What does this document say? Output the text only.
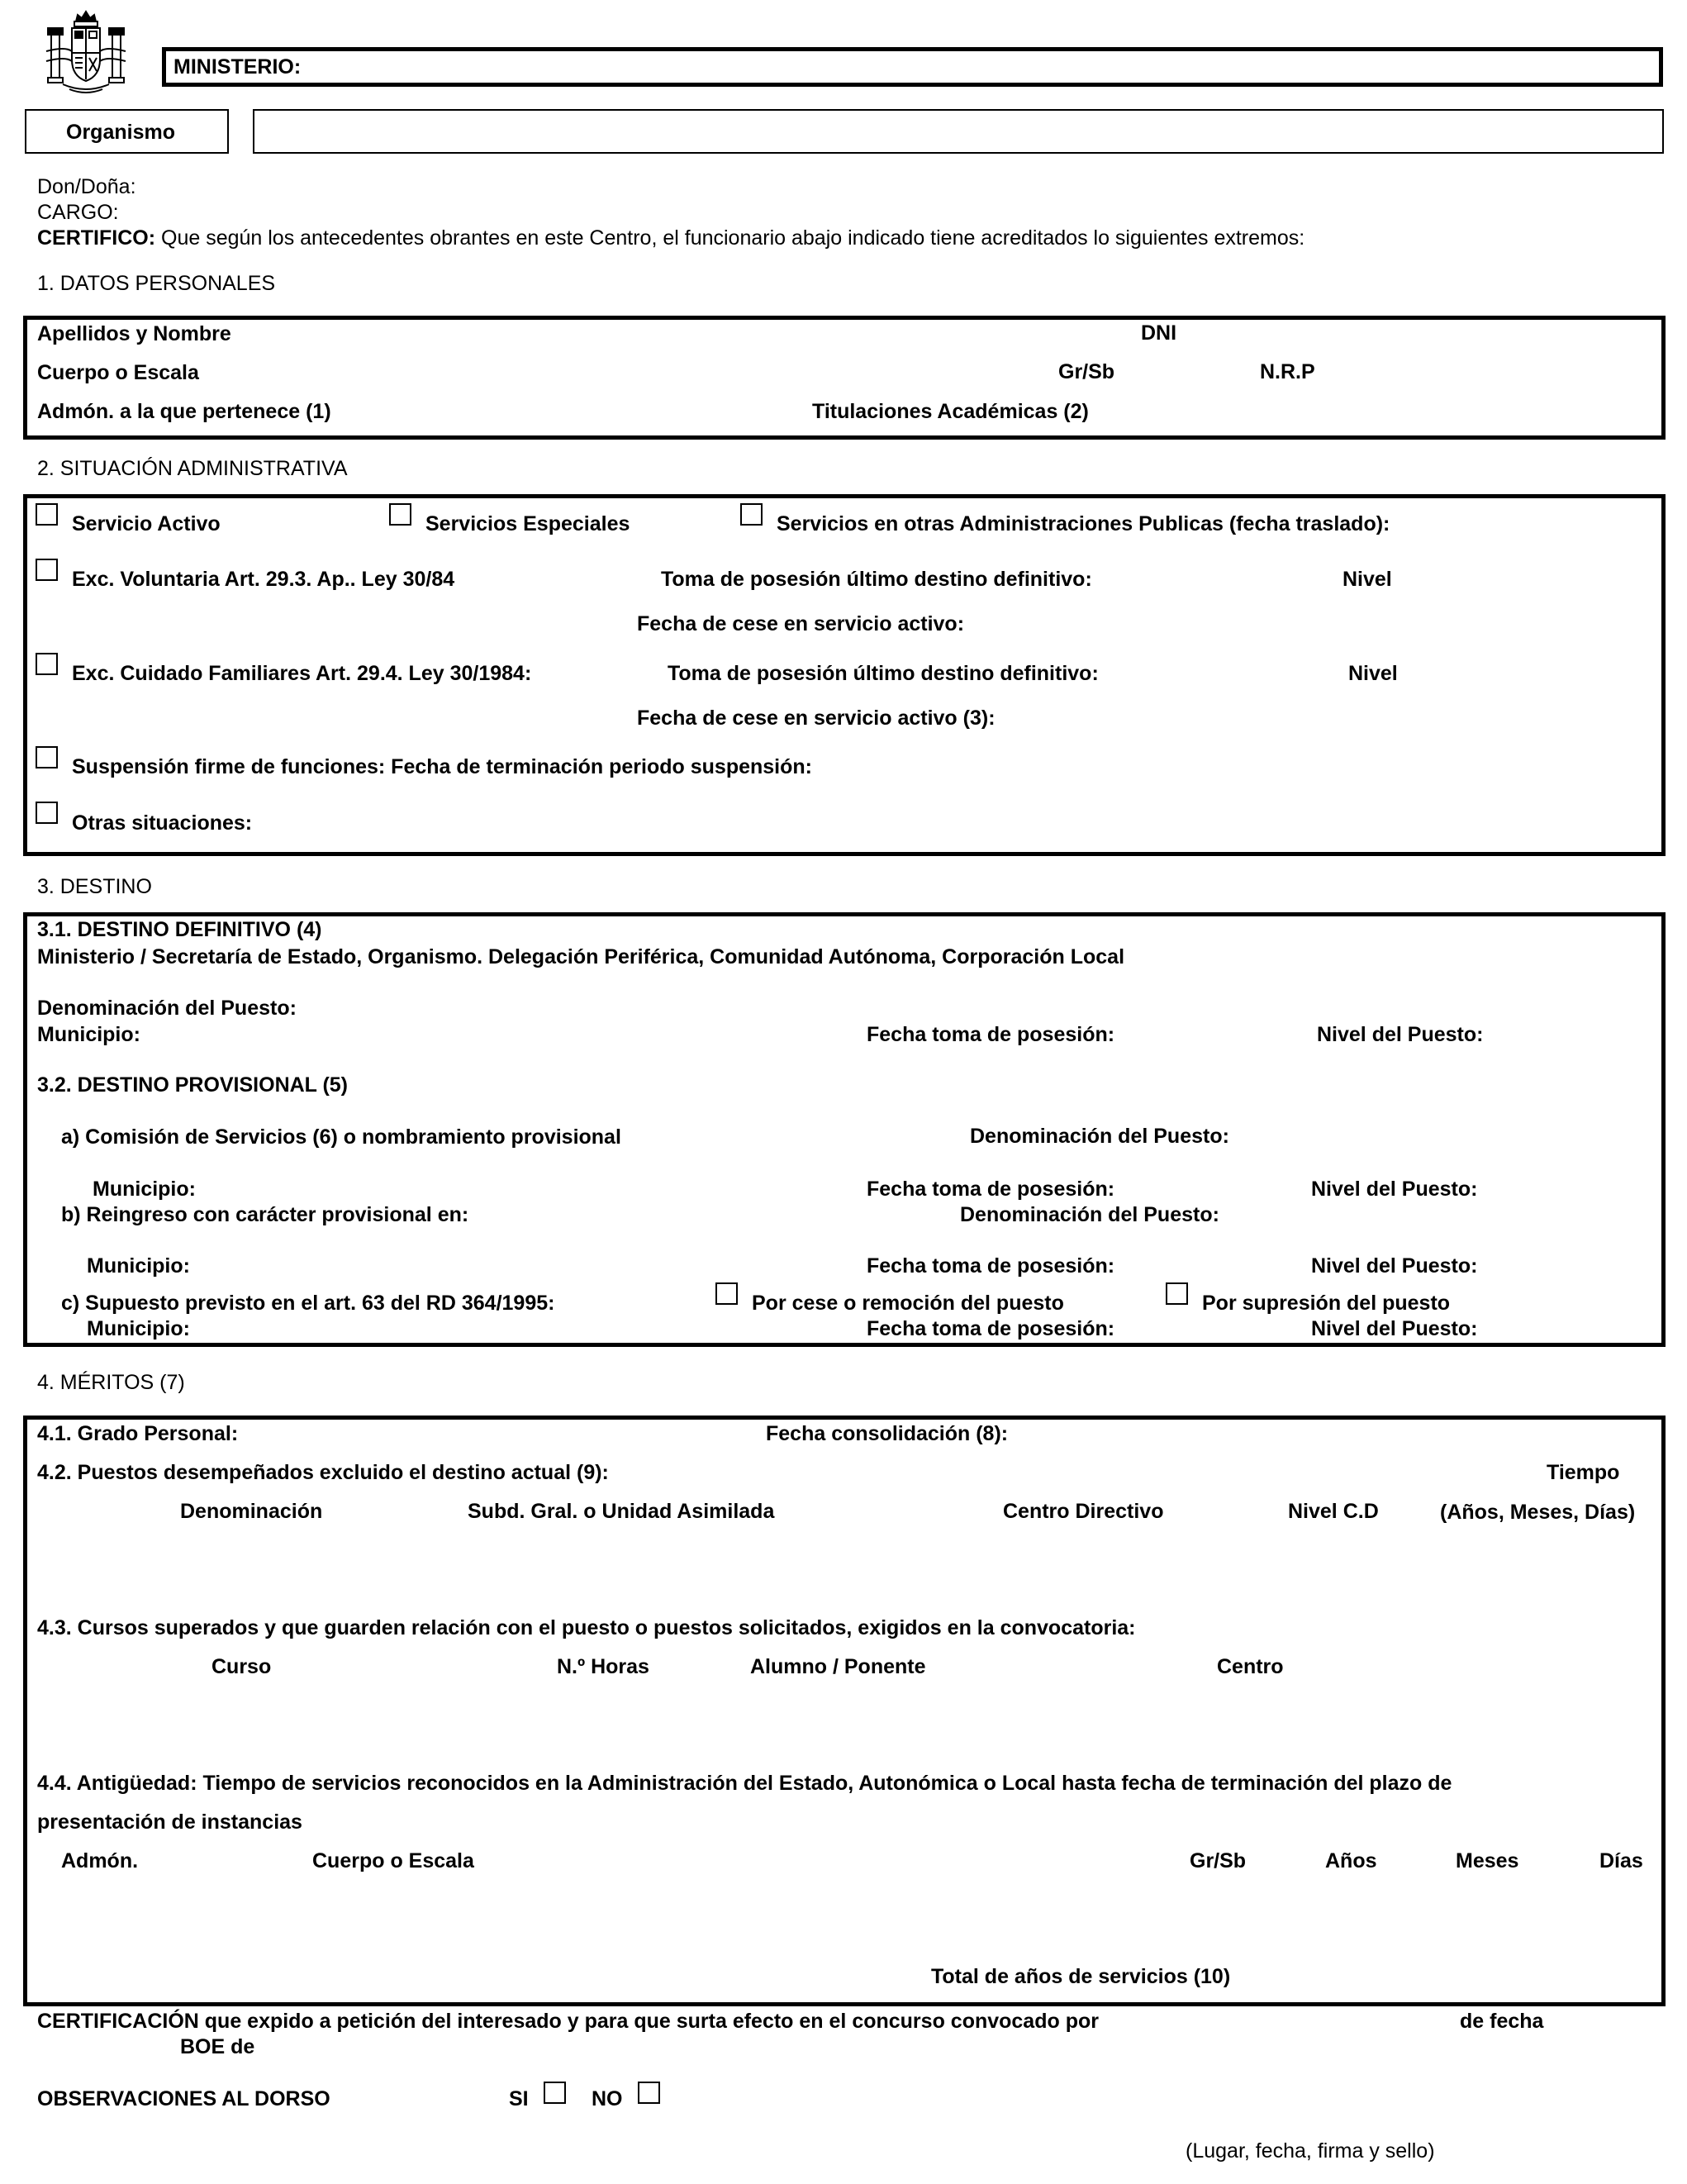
MINISTERIO:
Organismo
Don/Doña:
CARGO:
CERTIFICO: Que según los antecedentes obrantes en este Centro, el funcionario abajo indicado tiene acreditados lo siguientes extremos:
1. DATOS PERSONALES
Apellidos y Nombre	DNI
Cuerpo o Escala	Gr/Sb	N.R.P
Admón. a la que pertenece (1)	Titulaciones Académicas (2)
2. SITUACIÓN ADMINISTRATIVA
Servicio Activo	Servicios Especiales	Servicios en otras Administraciones Publicas (fecha traslado):
Exc. Voluntaria Art. 29.3. Ap.. Ley 30/84	Toma de posesión último destino definitivo:	Nivel
Fecha de cese en servicio activo:
Exc. Cuidado Familiares Art. 29.4. Ley 30/1984:	Toma de posesión último destino definitivo:	Nivel
Fecha de cese en servicio activo (3):
Suspensión firme de funciones: Fecha de terminación periodo suspensión:
Otras situaciones:
3. DESTINO
3.1. DESTINO DEFINITIVO (4)
Ministerio / Secretaría de Estado, Organismo. Delegación Periférica, Comunidad Autónoma, Corporación Local
Denominación del Puesto:
Municipio:	Fecha toma de posesión:	Nivel del Puesto:
3.2. DESTINO PROVISIONAL (5)
a) Comisión de Servicios (6) o nombramiento provisional	Denominación del Puesto:
Municipio:	Fecha toma de posesión:	Nivel del Puesto:
b) Reingreso con carácter provisional en:	Denominación del Puesto:
Municipio:	Fecha toma de posesión:	Nivel del Puesto:
c) Supuesto previsto en el art. 63 del RD 364/1995:	Por cese o remoción del puesto	Por supresión del puesto
Municipio:	Fecha toma de posesión:	Nivel del Puesto:
4. MÉRITOS (7)
4.1. Grado Personal:	Fecha consolidación (8):
4.2. Puestos desempeñados excluido el destino actual (9):	Tiempo
Denominación	Subd. Gral. o Unidad Asimilada	Centro Directivo	Nivel C.D	(Años, Meses, Días)
4.3. Cursos superados y que guarden relación con el puesto o puestos solicitados, exigidos en la convocatoria:
Curso	N.º Horas	Alumno / Ponente	Centro
4.4. Antigüedad: Tiempo de servicios reconocidos en la Administración del Estado, Autonómica o Local hasta fecha de terminación del plazo de
presentación de instancias
Admón.	Cuerpo o Escala	Gr/Sb	Años	Meses	Días
Total de años de servicios (10)
CERTIFICACIÓN que expido a petición del interesado y para que surta efecto en el concurso convocado por	de fecha
BOE de
OBSERVACIONES AL DORSO	SI	NO
(Lugar, fecha, firma y sello)
